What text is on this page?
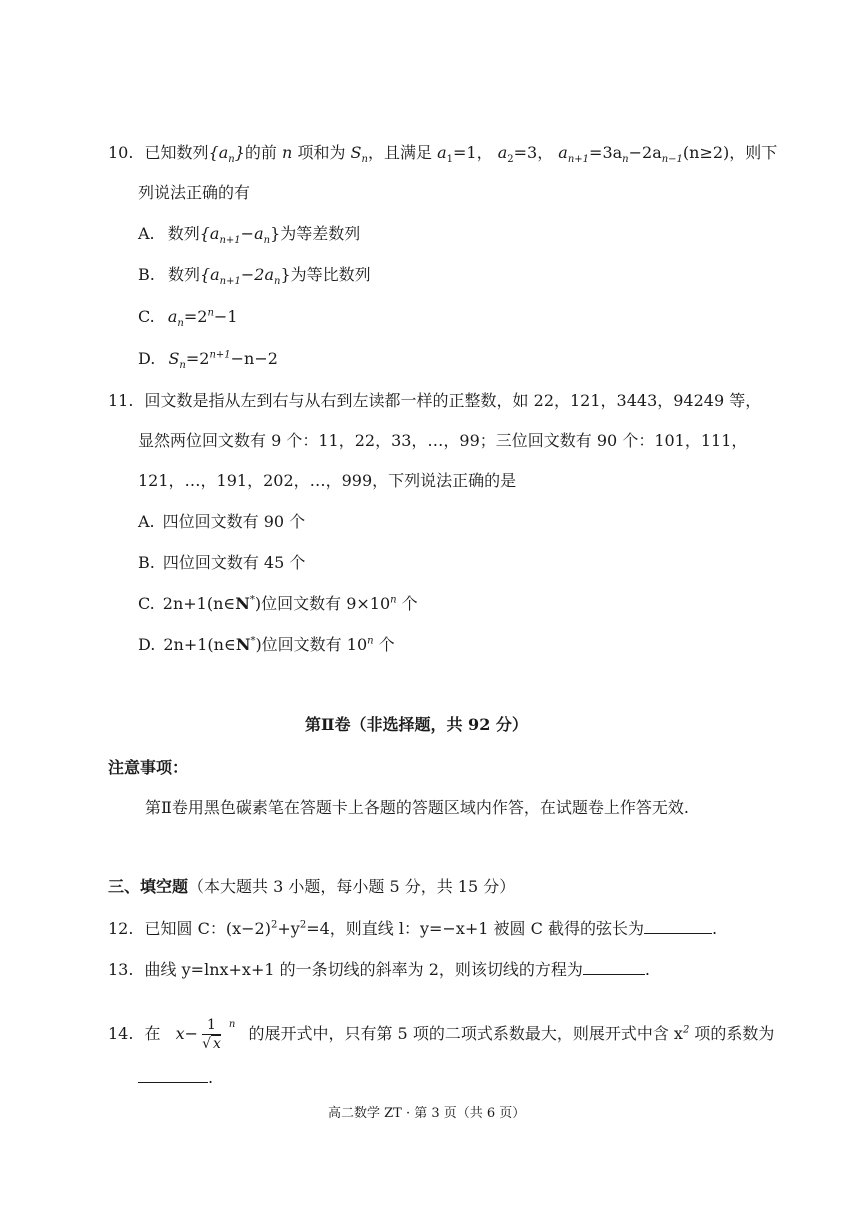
10. 已知数列$\{a_n\}$的前 n 项和为 $S_n$，且满足 $a_1=1$， $a_2=3$， $a_{n+1}=3a_n-2a_{n-1}(n\ge 2)$，则下
列说法正确的有
A. 数列$\{a_{n+1}-a_n\}$为等差数列
B. 数列$\{a_{n+1}-2a_n\}$为等比数列
C. $a_n=2^n-1$
D. $S_n=2^{n+1}-n-2$
11. 回文数是指从左到右与从右到左读都一样的正整数，如 22，121，3443，94249 等，
显然两位回文数有 9 个：11，22，33，…，99；三位回文数有 90 个：101，111，
121，…，191，202，…，999，下列说法正确的是
A. 四位回文数有 90 个
B. 四位回文数有 45 个
C. 2n+1(n∈N*)位回文数有 $9\times 10^n$ 个
D. 2n+1(n∈N*)位回文数有 10$^n$ 个
第Ⅱ卷（非选择题，共 92 分）
注意事项：
第Ⅱ卷用黑色碳素笔在答题卡上各题的答题区域内作答，在试题卷上作答无效.
三、填空题（本大题共 3 小题，每小题 5 分，共 15 分）
12. 已知圆 C：$(x-2)^2+y^2=4$，则直线 l：y=−x+1 被圆 C 截得的弦长为	.
13. 曲线 y=lnx+x+1 的一条切线的斜率为 2，则该切线的方程为	.
14. 在 $x- \frac{1}{√ x} ^n$ 的展开式中，只有第 5 项的二项式系数最大，则展开式中含 $x^2$ 项的系数为
.
高二数学 ZT · 第 3 页（共 6 页）
